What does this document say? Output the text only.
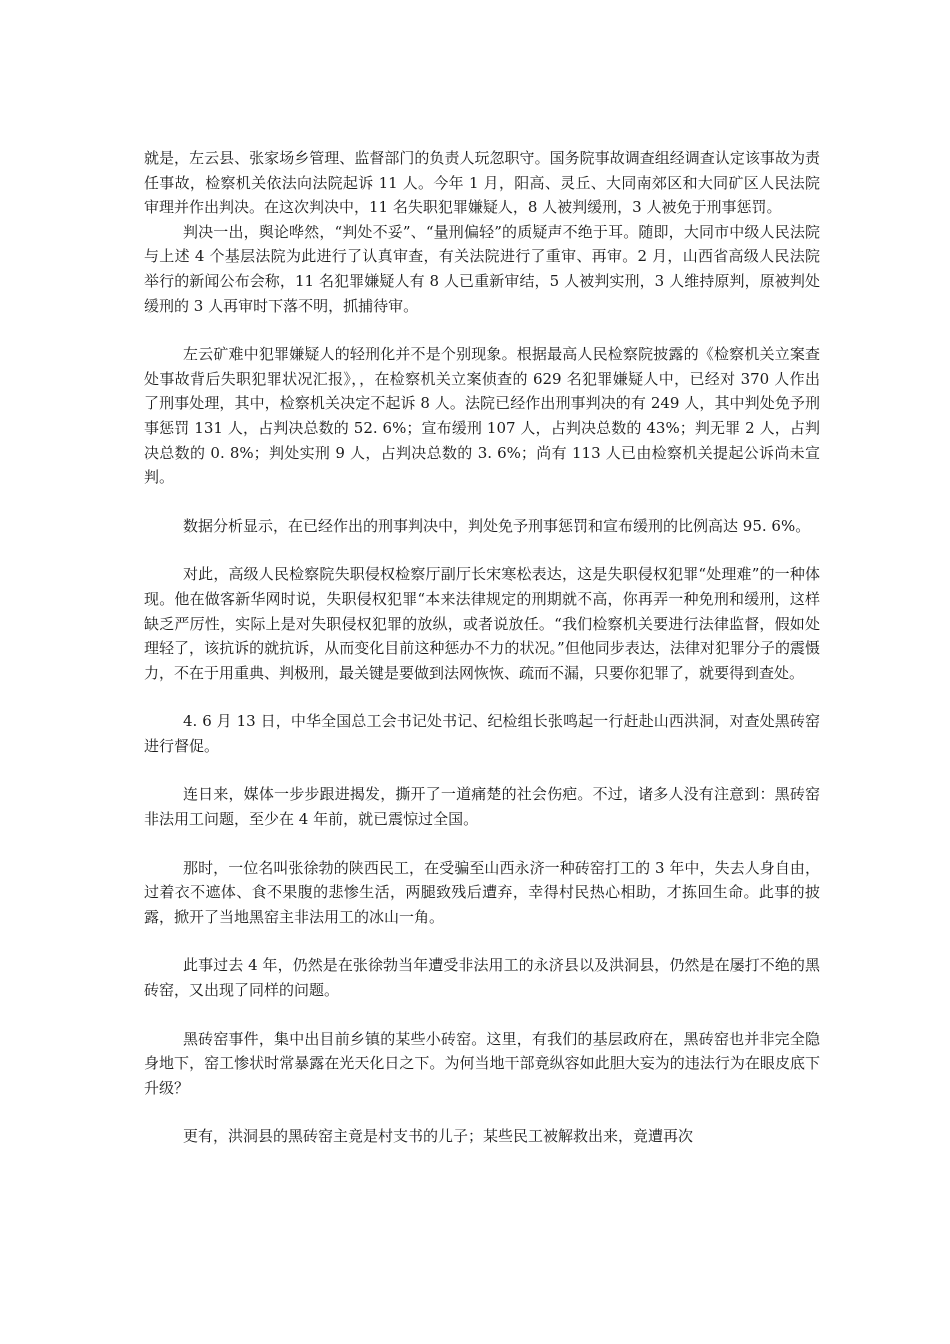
就是，左云县、张家场乡管理、监督部门的负责人玩忽职守。国务院事故调查组经调查认定该事故为责任事故，检察机关依法向法院起诉 11 人。今年 1 月，阳高、灵丘、大同南郊区和大同矿区人民法院审理并作出判决。在这次判决中，11 名失职犯罪嫌疑人，8 人被判缓刑，3 人被免于刑事惩罚。

判决一出，舆论哗然，“判处不妥”、“量刑偏轻”的质疑声不绝于耳。随即，大同市中级人民法院与上述 4 个基层法院为此进行了认真审查，有关法院进行了重审、再审。2 月，山西省高级人民法院举行的新闻公布会称，11 名犯罪嫌疑人有 8 人已重新审结，5 人被判实刑，3 人维持原判，原被判处缓刑的 3 人再审时下落不明，抓捕待审。

左云矿难中犯罪嫌疑人的轻刑化并不是个别现象。根据最高人民检察院披露的《检察机关立案查处事故背后失职犯罪状况汇报》，，在检察机关立案侦查的 629 名犯罪嫌疑人中，已经对 370 人作出了刑事处理，其中，检察机关决定不起诉 8 人。法院已经作出刑事判决的有 249 人，其中判处免予刑事惩罚 131 人，占判决总数的 52. 6%；宣布缓刑 107 人，占判决总数的 43%；判无罪 2 人，占判决总数的 0. 8%；判处实刑 9 人，占判决总数的 3. 6%；尚有 113 人已由检察机关提起公诉尚未宣判。

数据分析显示，在已经作出的刑事判决中，判处免予刑事惩罚和宣布缓刑的比例高达 95. 6%。

对此，高级人民检察院失职侵权检察厅副厅长宋寒松表达，这是失职侵权犯罪“处理难”的一种体现。他在做客新华网时说，失职侵权犯罪“本来法律规定的刑期就不高，你再弄一种免刑和缓刑，这样缺乏严厉性，实际上是对失职侵权犯罪的放纵，或者说放任。“我们检察机关要进行法律监督，假如处理轻了，该抗诉的就抗诉，从而变化目前这种惩办不力的状况。”但他同步表达，法律对犯罪分子的震慑力，不在于用重典、判极刑，最关键是要做到法网恢恢、疏而不漏，只要你犯罪了，就要得到查处。

4. 6 月 13 日，中华全国总工会书记处书记、纪检组长张鸣起一行赶赴山西洪洞，对查处黑砖窑进行督促。

连日来，媒体一步步跟进揭发，撕开了一道痛楚的社会伤疤。不过，诸多人没有注意到：黑砖窑非法用工问题，至少在 4 年前，就已震惊过全国。

那时，一位名叫张徐勃的陕西民工，在受骗至山西永济一种砖窑打工的 3 年中，失去人身自由，过着衣不遮体、食不果腹的悲惨生活，两腿致残后遭弃，幸得村民热心相助，才拣回生命。此事的披露，掀开了当地黑窑主非法用工的冰山一角。

此事过去 4 年，仍然是在张徐勃当年遭受非法用工的永济县以及洪洞县，仍然是在屡打不绝的黑砖窑，又出现了同样的问题。

黑砖窑事件，集中出目前乡镇的某些小砖窑。这里，有我们的基层政府在，黑砖窑也并非完全隐身地下，窑工惨状时常暴露在光天化日之下。为何当地干部竟纵容如此胆大妄为的违法行为在眼皮底下升级？

更有，洪洞县的黑砖窑主竟是村支书的儿子；某些民工被解救出来，竟遭再次
